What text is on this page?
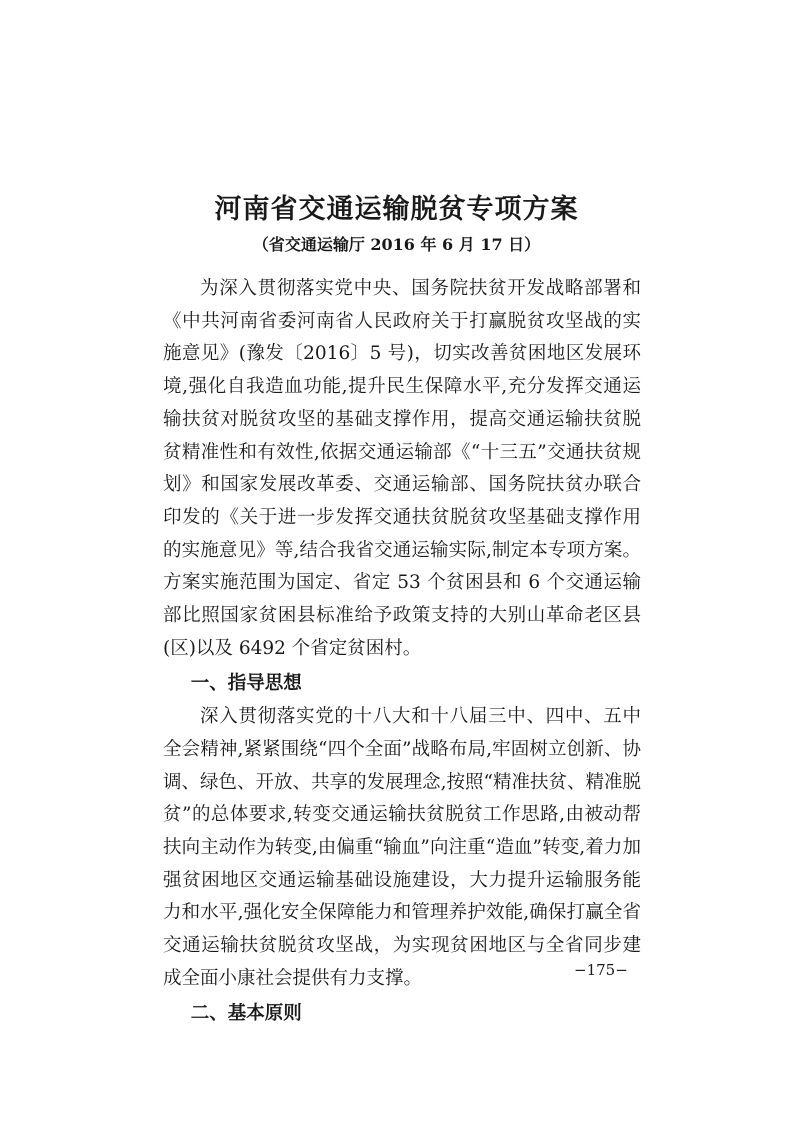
河南省交通运输脱贫专项方案
（省交通运输厅 2016 年 6 月 17 日）

为深入贯彻落实党中央、国务院扶贫开发战略部署和《中共河南省委河南省人民政府关于打赢脱贫攻坚战的实施意见》(豫发〔2016〕5 号)，切实改善贫困地区发展环境,强化自我造血功能,提升民生保障水平,充分发挥交通运输扶贫对脱贫攻坚的基础支撑作用，提高交通运输扶贫脱贫精准性和有效性,依据交通运输部《“十三五”交通扶贫规划》和国家发展改革委、交通运输部、国务院扶贫办联合印发的《关于进一步发挥交通扶贫脱贫攻坚基础支撑作用的实施意见》等,结合我省交通运输实际,制定本专项方案。方案实施范围为国定、省定 53 个贫困县和 6 个交通运输部比照国家贫困县标准给予政策支持的大别山革命老区县(区)以及 6492 个省定贫困村。

一、指导思想

深入贯彻落实党的十八大和十八届三中、四中、五中全会精神,紧紧围绕“四个全面”战略布局,牢固树立创新、协调、绿色、开放、共享的发展理念,按照“精准扶贫、精准脱贫”的总体要求,转变交通运输扶贫脱贫工作思路,由被动帮扶向主动作为转变,由偏重“输血”向注重“造血”转变,着力加强贫困地区交通运输基础设施建设，大力提升运输服务能力和水平,强化安全保障能力和管理养护效能,确保打赢全省交通运输扶贫脱贫攻坚战，为实现贫困地区与全省同步建成全面小康社会提供有力支撑。

二、基本原则

−175−
